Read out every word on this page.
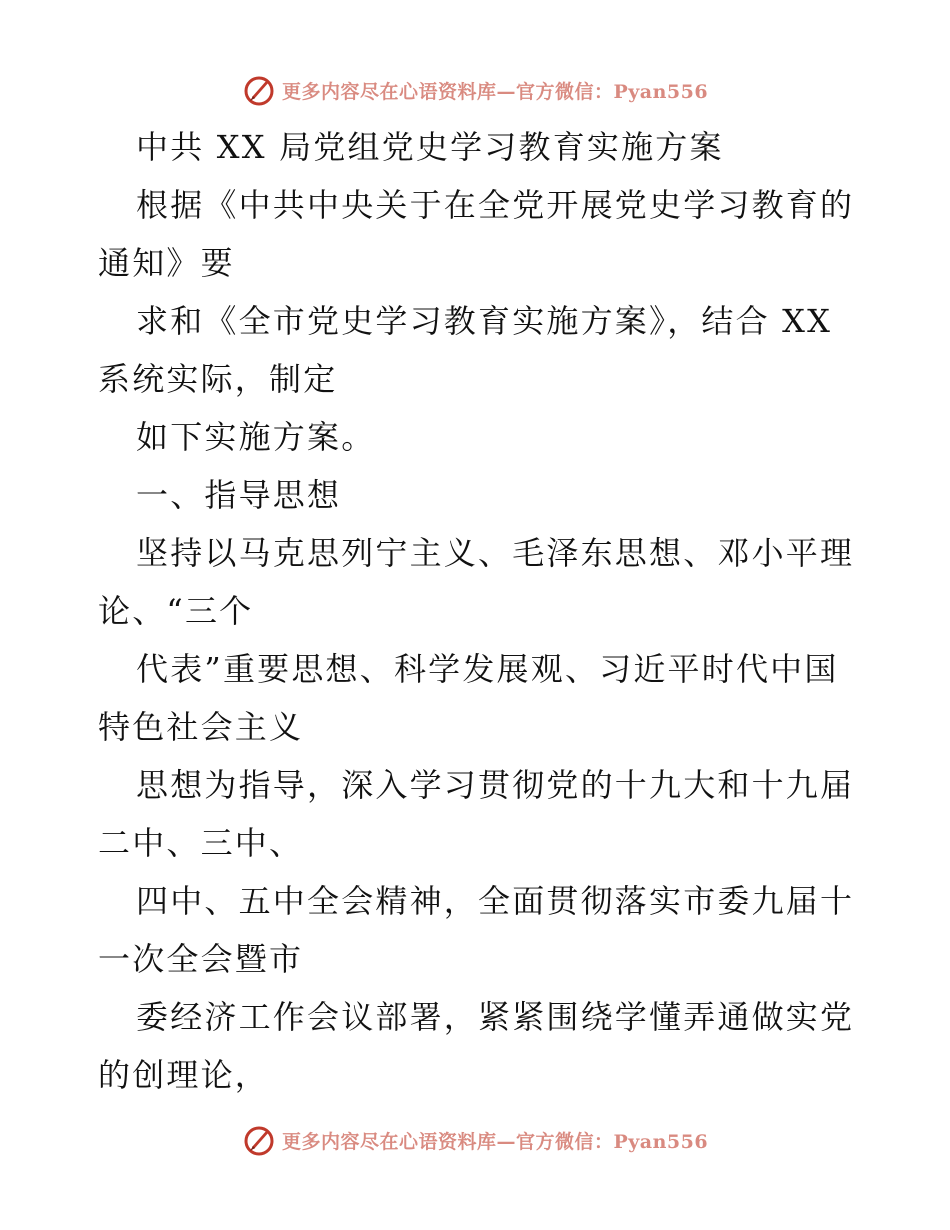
更多内容尽在心语资料库—官方微信：Pyan556
中共 XX 局党组党史学习教育实施方案
根据《中共中央关于在全党开展党史学习教育的
通知》要
求和《全市党史学习教育实施方案》，结合 XX
系统实际，制定
如下实施方案。
一、指导思想
坚持以马克思列宁主义、毛泽东思想、邓小平理
论、“三个
代表”重要思想、科学发展观、习近平时代中国
特色社会主义
思想为指导，深入学习贯彻党的十九大和十九届
二中、三中、
四中、五中全会精神，全面贯彻落实市委九届十
一次全会暨市
委经济工作会议部署，紧紧围绕学懂弄通做实党
的创理论，
更多内容尽在心语资料库—官方微信：Pyan556
